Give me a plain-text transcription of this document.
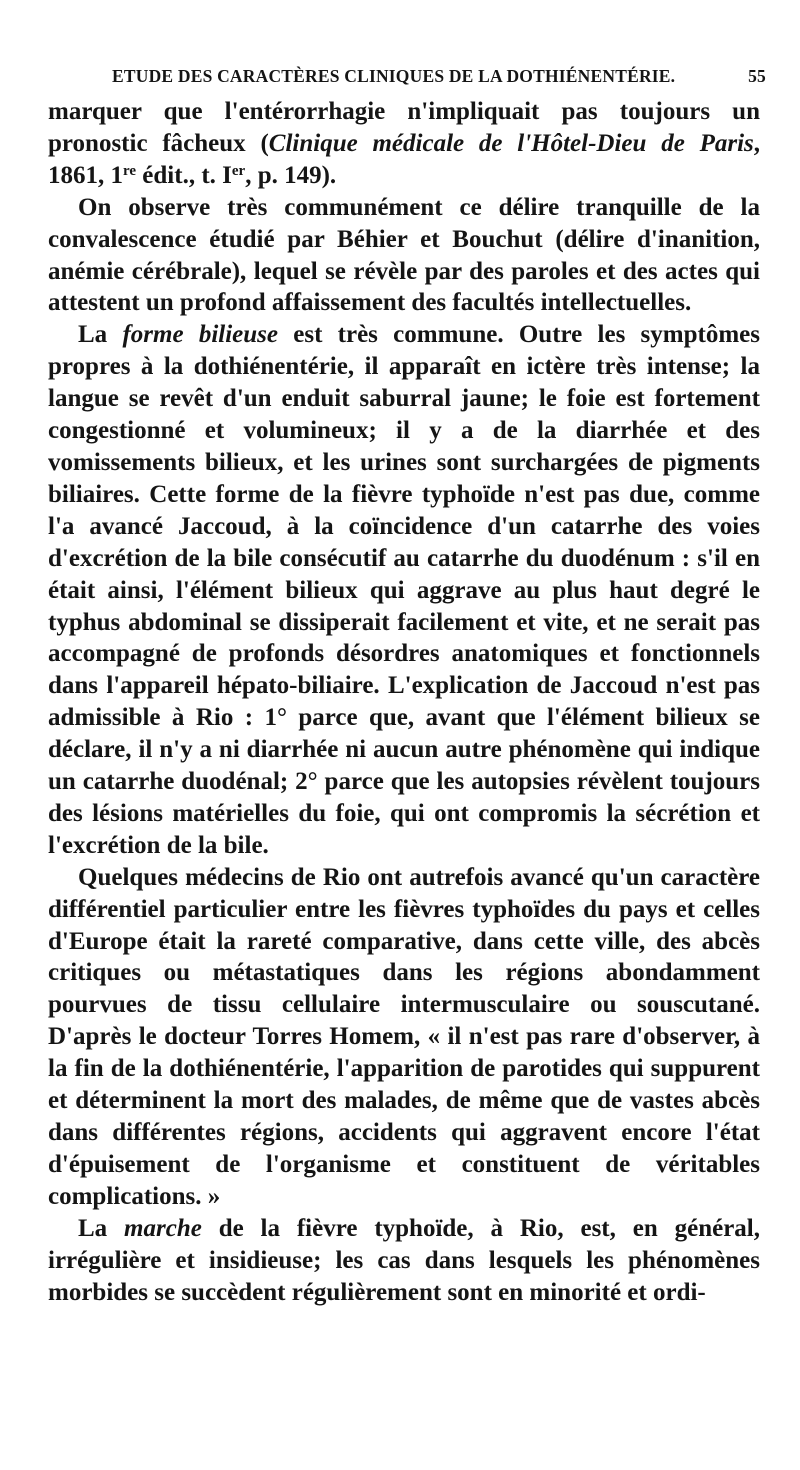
ETUDE DES CARACTÈRES CLINIQUES DE LA DOTHIÉNENTÉRIE.	55

marquer que l'entérorrhagie n'impliquait pas toujours un pronostic fâcheux (Clinique médicale de l'Hôtel-Dieu de Paris, 1861, 1re édit., t. Ier, p. 149).

On observe très communément ce délire tranquille de la convalescence étudié par Béhier et Bouchut (délire d'inanition, anémie cérébrale), lequel se révèle par des paroles et des actes qui attestent un profond affaissement des facultés intellectuelles.

La forme bilieuse est très commune. Outre les symptômes propres à la dothiénentérie, il apparaît en ictère très intense; la langue se revêt d'un enduit saburral jaune; le foie est fortement congestionné et volumineux; il y a de la diarrhée et des vomissements bilieux, et les urines sont surchargées de pigments biliaires. Cette forme de la fièvre typhoïde n'est pas due, comme l'a avancé Jaccoud, à la coïncidence d'un catarrhe des voies d'excrétion de la bile consécutif au catarrhe du duodénum : s'il en était ainsi, l'élément bilieux qui aggrave au plus haut degré le typhus abdominal se dissiperait facilement et vite, et ne serait pas accompagné de profonds désordres anatomiques et fonctionnels dans l'appareil hépato-biliaire. L'explication de Jaccoud n'est pas admissible à Rio : 1° parce que, avant que l'élément bilieux se déclare, il n'y a ni diarrhée ni aucun autre phénomène qui indique un catarrhe duodénal; 2° parce que les autopsies révèlent toujours des lésions matérielles du foie, qui ont compromis la sécrétion et l'excrétion de la bile.

Quelques médecins de Rio ont autrefois avancé qu'un caractère différentiel particulier entre les fièvres typhoïdes du pays et celles d'Europe était la rareté comparative, dans cette ville, des abcès critiques ou métastatiques dans les régions abondamment pourvues de tissu cellulaire intermusculaire ou souscutané. D'après le docteur Torres Homem, « il n'est pas rare d'observer, à la fin de la dothiénentérie, l'apparition de parotides qui suppurent et déterminent la mort des malades, de même que de vastes abcès dans différentes régions, accidents qui aggravent encore l'état d'épuisement de l'organisme et constituent de véritables complications. »

La marche de la fièvre typhoïde, à Rio, est, en général, irrégulière et insidieuse; les cas dans lesquels les phénomènes morbides se succèdent régulièrement sont en minorité et ordi-
